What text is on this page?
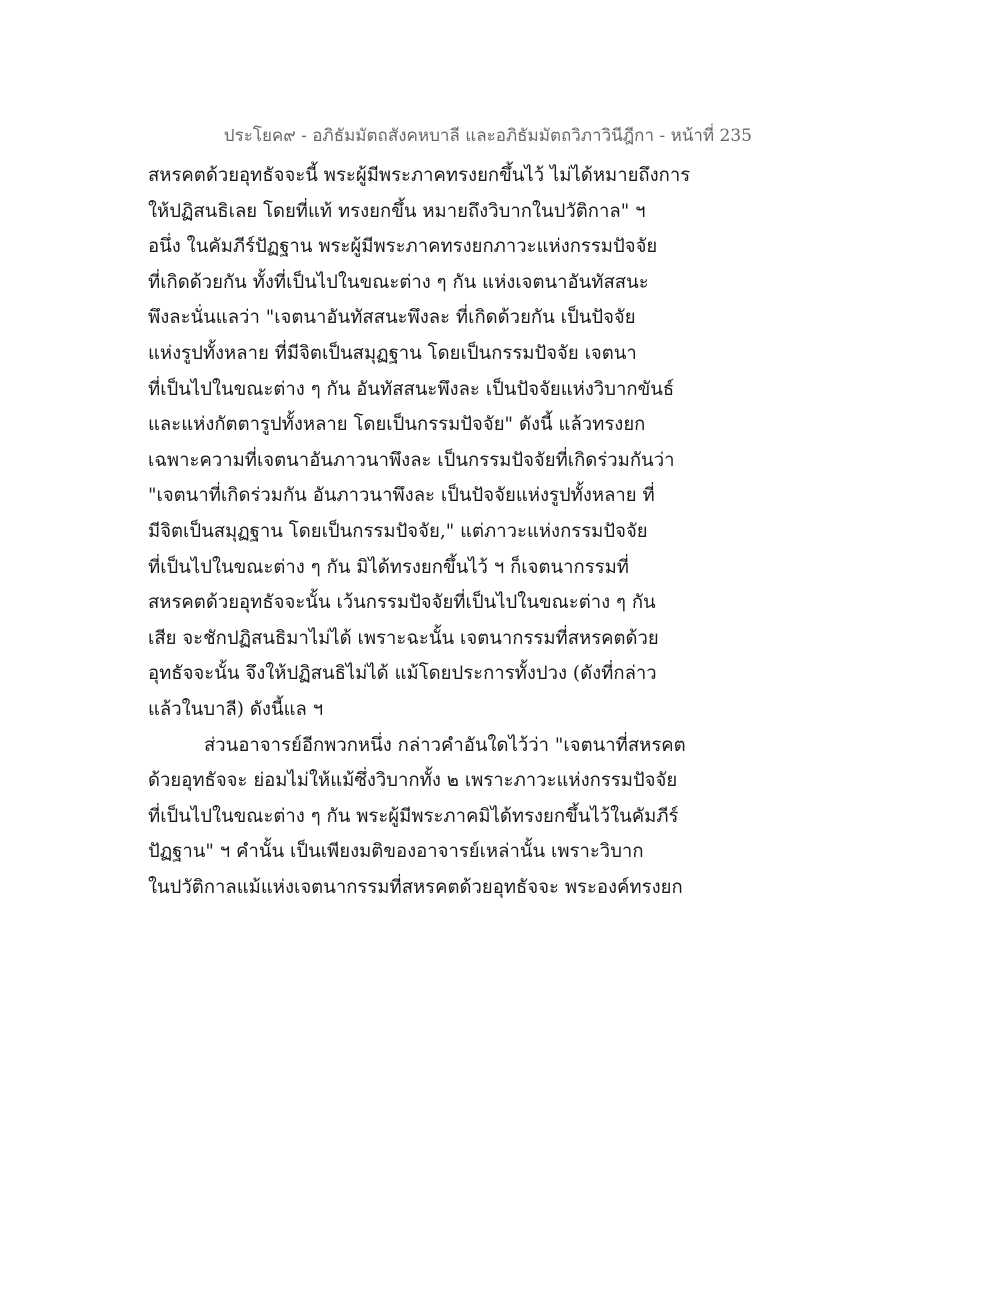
ประโยค๙ - อภิธัมมัตถสังคหบาลี และอภิธัมมัตถวิภาวินีฎีกา - หน้าที่ 235
สหรคตด้วยอุทธัจจะนี้ พระผู้มีพระภาคทรงยกขึ้นไว้ ไม่ได้หมายถึงการ
ให้ปฏิสนธิเลย โดยที่แท้ ทรงยกขึ้น หมายถึงวิบากในปวัติกาล" ฯ
อนึ่ง ในคัมภีร์ปัฏฐาน พระผู้มีพระภาคทรงยกภาวะแห่งกรรมปัจจัย
ที่เกิดด้วยกัน ทั้งที่เป็นไปในขณะต่าง ๆ กัน แห่งเจตนาอันทัสสนะ
พึงละนั่นแลว่า "เจตนาอันทัสสนะพึงละ ที่เกิดด้วยกัน เป็นปัจจัย
แห่งรูปทั้งหลาย ที่มีจิตเป็นสมุฏฐาน โดยเป็นกรรมปัจจัย เจตนา
ที่เป็นไปในขณะต่าง ๆ กัน อันทัสสนะพึงละ เป็นปัจจัยแห่งวิบากขันธ์
และแห่งกัตตารูปทั้งหลาย โดยเป็นกรรมปัจจัย" ดังนี้ แล้วทรงยก
เฉพาะความที่เจตนาอันภาวนาพึงละ เป็นกรรมปัจจัยที่เกิดร่วมกันว่า
"เจตนาที่เกิดร่วมกัน อันภาวนาพึงละ เป็นปัจจัยแห่งรูปทั้งหลาย ที่
มีจิตเป็นสมุฏฐาน โดยเป็นกรรมปัจจัย," แต่ภาวะแห่งกรรมปัจจัย
ที่เป็นไปในขณะต่าง ๆ กัน มิได้ทรงยกขึ้นไว้ ฯ ก็เจตนากรรมที่
สหรคตด้วยอุทธัจจะนั้น เว้นกรรมปัจจัยที่เป็นไปในขณะต่าง ๆ กัน
เสีย จะชักปฏิสนธิมาไม่ได้ เพราะฉะนั้น เจตนากรรมที่สหรคตด้วย
อุทธัจจะนั้น จึงให้ปฏิสนธิไม่ได้ แม้โดยประการทั้งปวง (ดังที่กล่าว
แล้วในบาลี) ดังนี้แล ฯ
ส่วนอาจารย์อีกพวกหนึ่ง กล่าวคำอันใดไว้ว่า "เจตนาที่สหรคต
ด้วยอุทธัจจะ ย่อมไม่ให้แม้ซึ่งวิบากทั้ง ๒ เพราะภาวะแห่งกรรมปัจจัย
ที่เป็นไปในขณะต่าง ๆ กัน พระผู้มีพระภาคมิได้ทรงยกขึ้นไว้ในคัมภีร์
ปัฏฐาน" ฯ คำนั้น เป็นเพียงมติของอาจารย์เหล่านั้น เพราะวิบาก
ในปวัติกาลแม้แห่งเจตนากรรมที่สหรคตด้วยอุทธัจจะ พระองค์ทรงยก
